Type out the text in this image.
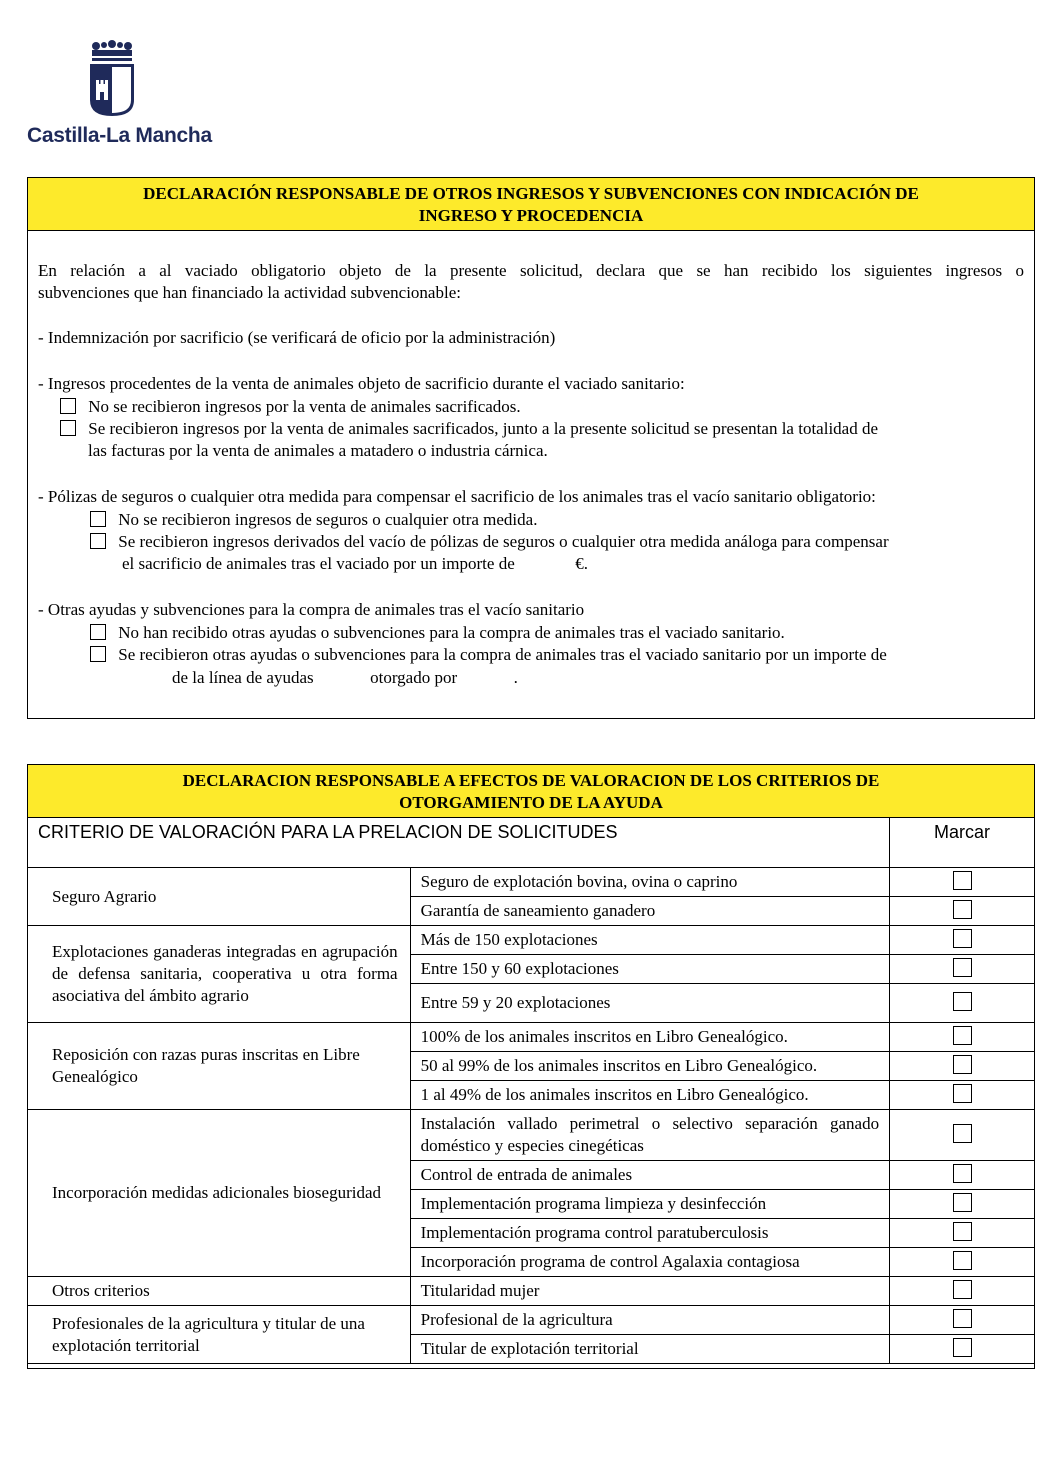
Castilla-La Mancha
DECLARACIÓN RESPONSABLE DE OTROS INGRESOS Y SUBVENCIONES CON INDICACIÓN DE
INGRESO Y PROCEDENCIA
En relación a al vaciado obligatorio objeto de la presente solicitud, declara que se han recibido los siguientes ingresos o
subvenciones que han financiado la actividad subvencionable:
- Indemnización por sacrificio (se verificará de oficio por la administración)
- Ingresos procedentes de la venta de animales objeto de sacrificio durante el vaciado sanitario:
No se recibieron ingresos por la venta de animales sacrificados.
Se recibieron ingresos por la venta de animales sacrificados, junto a la presente solicitud se presentan la totalidad de
las facturas por la venta de animales a matadero o industria cárnica.
- Pólizas de seguros o cualquier otra medida para compensar el sacrificio de los animales tras el vacío sanitario obligatorio:
No se recibieron ingresos de seguros o cualquier otra medida.
Se recibieron ingresos derivados del vacío de pólizas de seguros o cualquier otra medida análoga para compensar
el sacrificio de animales tras el vaciado por un importe de	€.
- Otras ayudas y subvenciones para la compra de animales tras el vacío sanitario
No han recibido otras ayudas o subvenciones para la compra de animales tras el vaciado sanitario.
Se recibieron otras ayudas o subvenciones para la compra de animales tras el vaciado sanitario por un importe de
de la línea de ayudas	otorgado por	.
DECLARACION RESPONSABLE A EFECTOS DE VALORACION DE LOS CRITERIOS DE
OTORGAMIENTO DE LA AYUDA
CRITERIO DE VALORACIÓN PARA LA PRELACION DE SOLICITUDES		Marcar
Seguro Agrario	Seguro de explotación bovina, ovina o caprino	
	Garantía de saneamiento ganadero	
Explotaciones ganaderas integradas en agrupación de defensa sanitaria, cooperativa u otra forma asociativa del ámbito agrario	Más de 150 explotaciones	
	Entre 150 y 60 explotaciones	
	Entre 59 y 20 explotaciones	
Reposición con razas puras inscritas en Libre Genealógico	100% de los animales inscritos en Libro Genealógico.	
	50 al 99% de los animales inscritos en Libro Genealógico.	
	1 al 49% de los animales inscritos en Libro Genealógico.	
Incorporación medidas adicionales bioseguridad	Instalación vallado perimetral o selectivo separación ganado doméstico y especies cinegéticas	
	Control de entrada de animales	
	Implementación programa limpieza y desinfección	
	Implementación programa control paratuberculosis	
	Incorporación programa de control Agalaxia contagiosa	
Otros criterios	Titularidad mujer	
Profesionales de la agricultura y titular de una explotación territorial	Profesional de la agricultura	
	Titular de explotación territorial	
